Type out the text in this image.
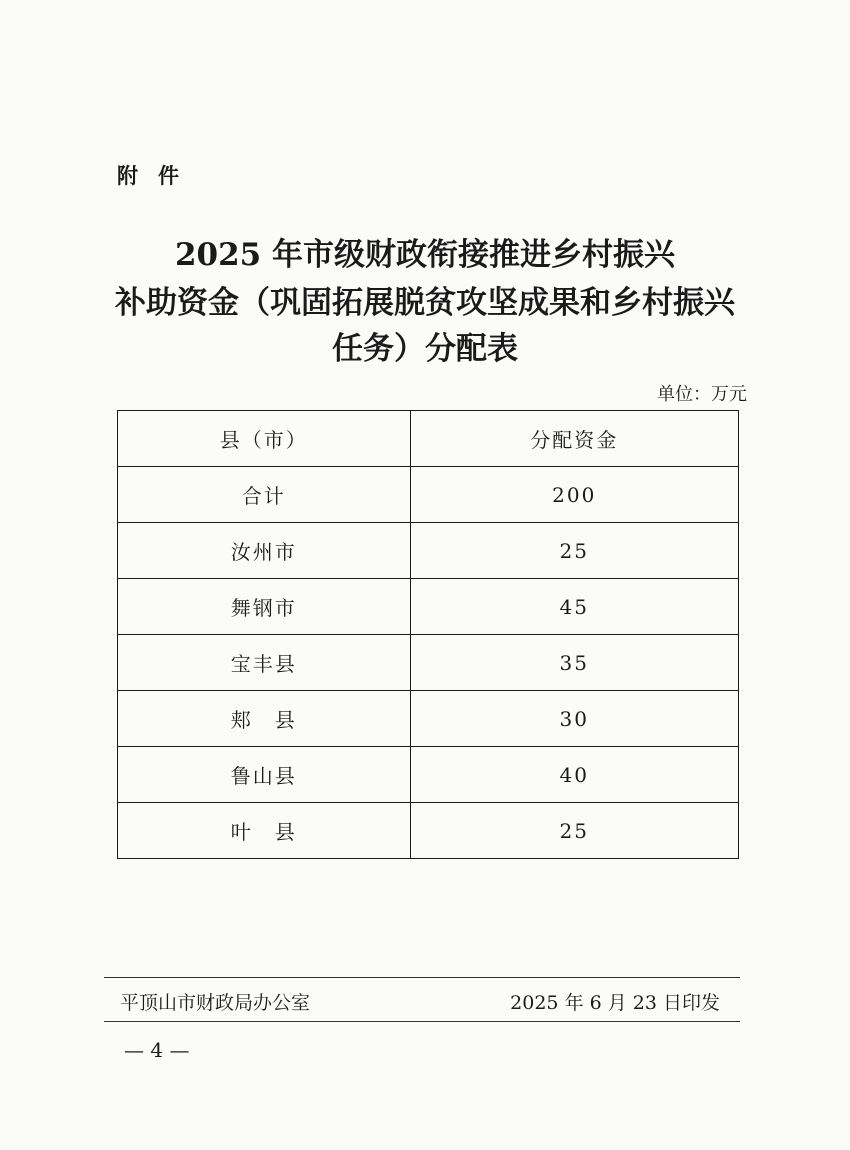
附件
2025 年市级财政衔接推进乡村振兴
补助资金（巩固拓展脱贫攻坚成果和乡村振兴
任务）分配表
单位：万元
县（市）	分配资金
合计	200
汝州市	25
舞钢市	45
宝丰县	35
郏　县	30
鲁山县	40
叶　县	25
平顶山市财政局办公室	2025 年 6 月 23 日印发
— 4 —
